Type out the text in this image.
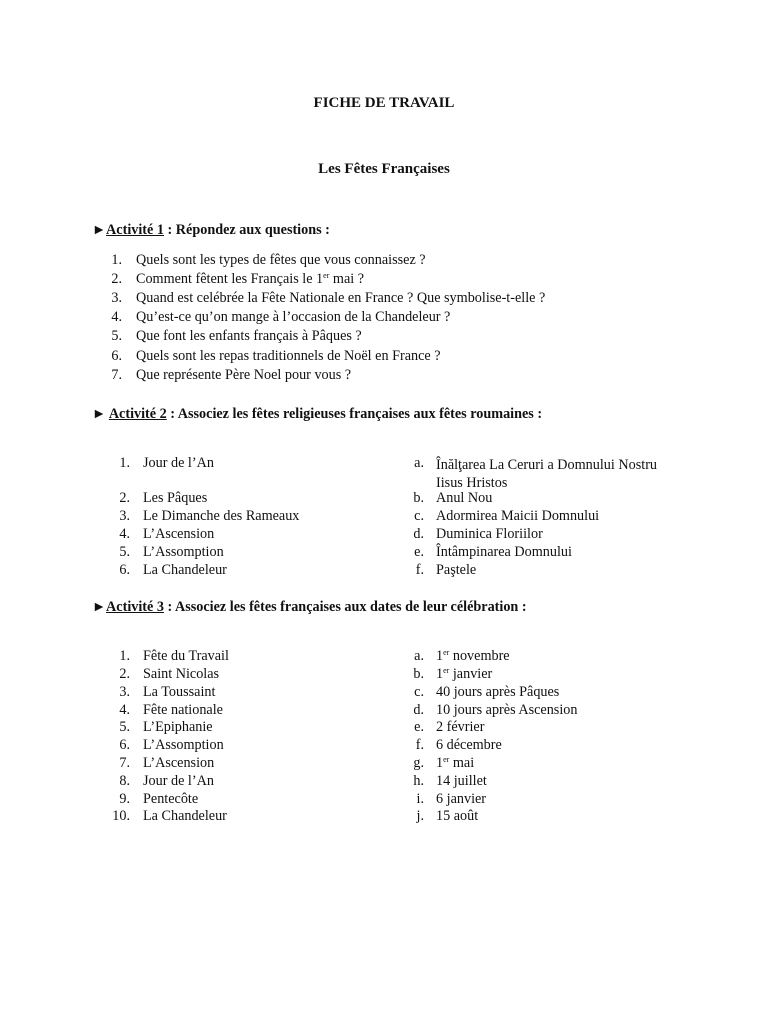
FICHE DE TRAVAIL
Les Fêtes Françaises
►Activité 1 : Répondez aux questions :
1. Quels sont les types de fêtes que vous connaissez ?
2. Comment fêtent les Français le 1er mai ?
3. Quand est celébrée la Fête Nationale en France ? Que symbolise-t-elle ?
4. Qu’est-ce qu’on mange à l’occasion de la Chandeleur ?
5. Que font les enfants français à Pâques ?
6. Quels sont les repas traditionnels de Noël en France ?
7. Que représente Père Noel pour vous ?
► Activité 2 : Associez les fêtes religieuses françaises aux fêtes roumaines :
1. Jour de l’An
2. Les Pâques
3. Le Dimanche des Rameaux
4. L’Ascension
5. L’Assomption
6. La Chandeleur
a. Înălţarea La Ceruri a Domnului Nostru Iisus Hristos
b. Anul Nou
c. Adormirea Maicii Domnului
d. Duminica Floriilor
e. Întâmpinarea Domnului
f. Paştele
►Activité 3 : Associez les fêtes françaises aux dates de leur célébration :
1. Fête du Travail
2. Saint Nicolas
3. La Toussaint
4. Fête nationale
5. L’Epiphanie
6. L’Assomption
7. L’Ascension
8. Jour de l’An
9. Pentecôte
10. La Chandeleur
a. 1er novembre
b. 1er janvier
c. 40 jours après Pâques
d. 10 jours après Ascension
e. 2 février
f. 6 décembre
g. 1er mai
h. 14 juillet
i. 6 janvier
j. 15 août
